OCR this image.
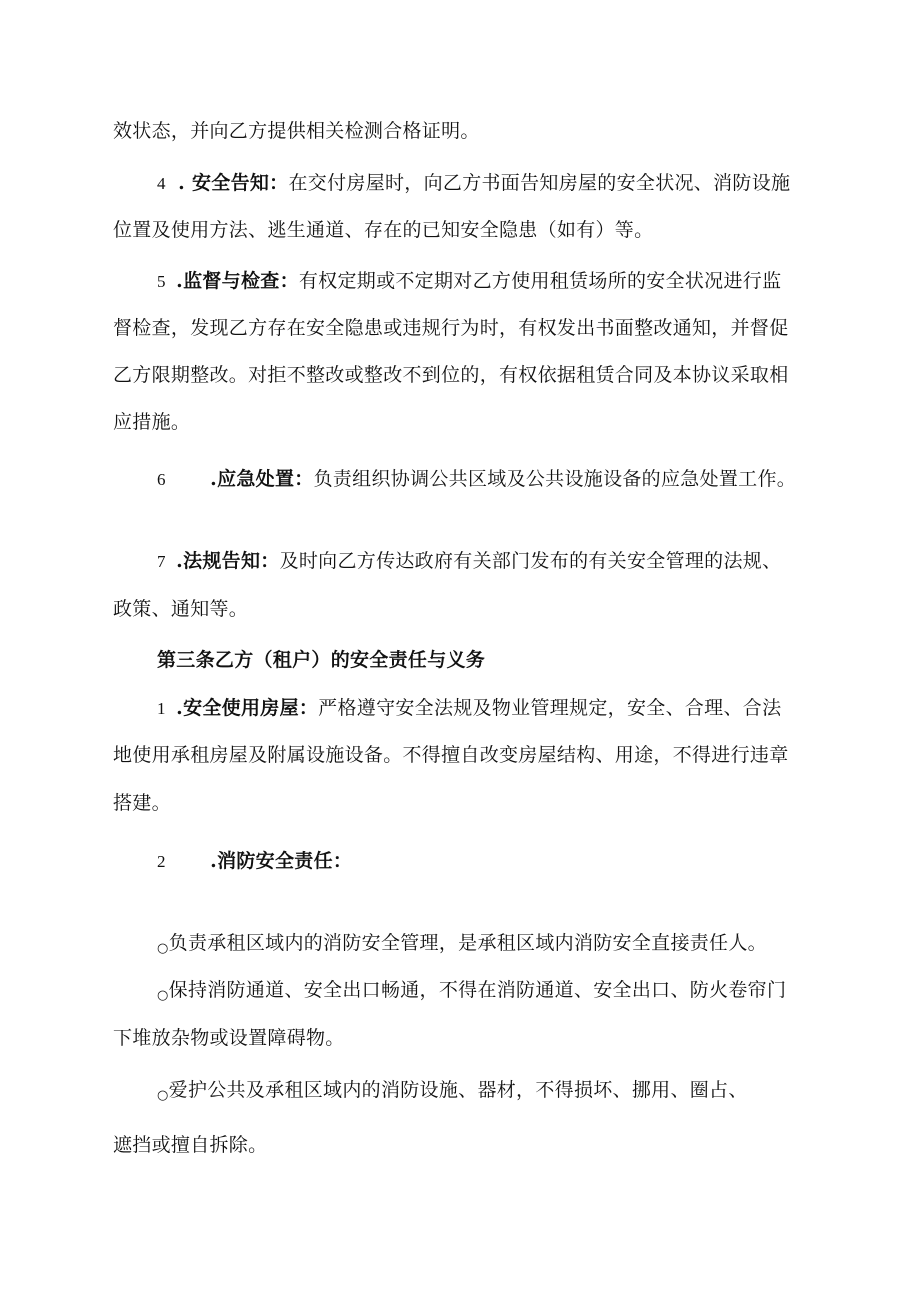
效状态，并向乙方提供相关检测合格证明。
4 . 安全告知：在交付房屋时，向乙方书面告知房屋的安全状况、消防设施
位置及使用方法、逃生通道、存在的已知安全隐患（如有）等。
5 .监督与检查：有权定期或不定期对乙方使用租赁场所的安全状况进行监
督检查，发现乙方存在安全隐患或违规行为时，有权发出书面整改通知，并督促
乙方限期整改。对拒不整改或整改不到位的，有权依据租赁合同及本协议采取相
应措施。
6 .应急处置：负责组织协调公共区域及公共设施设备的应急处置工作。
7 .法规告知：及时向乙方传达政府有关部门发布的有关安全管理的法规、
政策、通知等。
第三条乙方（租户）的安全责任与义务
1 .安全使用房屋：严格遵守安全法规及物业管理规定，安全、合理、合法
地使用承租房屋及附属设施设备。不得擅自改变房屋结构、用途，不得进行违章
搭建。
2 .消防安全责任：
○负责承租区域内的消防安全管理，是承租区域内消防安全直接责任人。
○保持消防通道、安全出口畅通，不得在消防通道、安全出口、防火卷帘门
下堆放杂物或设置障碍物。
○爱护公共及承租区域内的消防设施、器材，不得损坏、挪用、圈占、
遮挡或擅自拆除。
